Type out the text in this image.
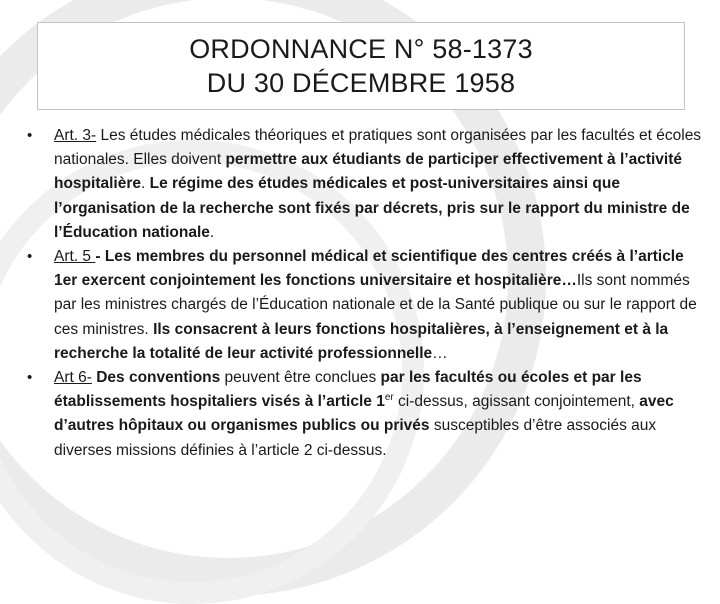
ORDONNANCE N° 58-1373
DU 30 DÉCEMBRE 1958
• Art. 3- Les études médicales théoriques et pratiques sont organisées par les facultés et écoles nationales. Elles doivent permettre aux étudiants de participer effectivement à l’activité hospitalière. Le régime des études médicales et post-universitaires ainsi que l’organisation de la recherche sont fixés par décrets, pris sur le rapport du ministre de l’Éducation nationale.
• Art. 5 - Les membres du personnel médical et scientifique des centres créés à l’article 1er exercent conjointement les fonctions universitaire et hospitalière…Ils sont nommés par les ministres chargés de l’Éducation nationale et de la Santé publique ou sur le rapport de ces ministres. Ils consacrent à leurs fonctions hospitalières, à l’enseignement et à la recherche la totalité de leur activité professionnelle…
• Art 6- Des conventions peuvent être conclues par les facultés ou écoles et par les établissements hospitaliers visés à l’article 1er ci-dessus, agissant conjointement, avec d’autres hôpitaux ou organismes publics ou privés susceptibles d’être associés aux diverses missions définies à l’article 2 ci-dessus.
